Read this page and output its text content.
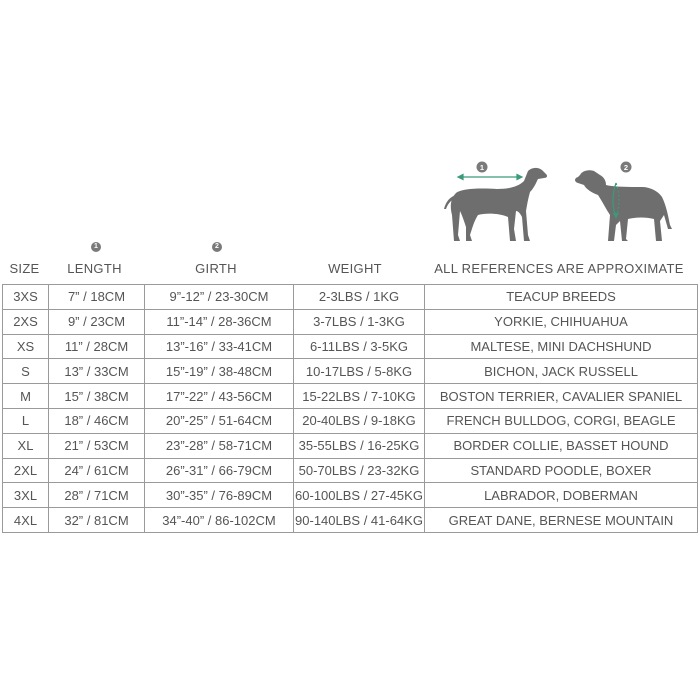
1	2
1	2
SIZE	LENGTH	GIRTH	WEIGHT	ALL REFERENCES ARE APPROXIMATE
3XS	7” / 18CM	9”-12” / 23-30CM	2-3LBS / 1KG	TEACUP BREEDS
2XS	9” / 23CM	11”-14” / 28-36CM	3-7LBS / 1-3KG	YORKIE, CHIHUAHUA
XS	11” / 28CM	13”-16” / 33-41CM	6-11LBS / 3-5KG	MALTESE, MINI DACHSHUND
S	13” / 33CM	15”-19” / 38-48CM	10-17LBS / 5-8KG	BICHON, JACK RUSSELL
M	15” / 38CM	17”-22” / 43-56CM	15-22LBS / 7-10KG	BOSTON TERRIER, CAVALIER SPANIEL
L	18” / 46CM	20”-25” / 51-64CM	20-40LBS / 9-18KG	FRENCH BULLDOG, CORGI, BEAGLE
XL	21” / 53CM	23”-28” / 58-71CM	35-55LBS / 16-25KG	BORDER COLLIE, BASSET HOUND
2XL	24” / 61CM	26”-31” / 66-79CM	50-70LBS / 23-32KG	STANDARD POODLE, BOXER
3XL	28” / 71CM	30”-35” / 76-89CM	60-100LBS / 27-45KG	LABRADOR, DOBERMAN
4XL	32” / 81CM	34”-40” / 86-102CM	90-140LBS / 41-64KG	GREAT DANE, BERNESE MOUNTAIN
